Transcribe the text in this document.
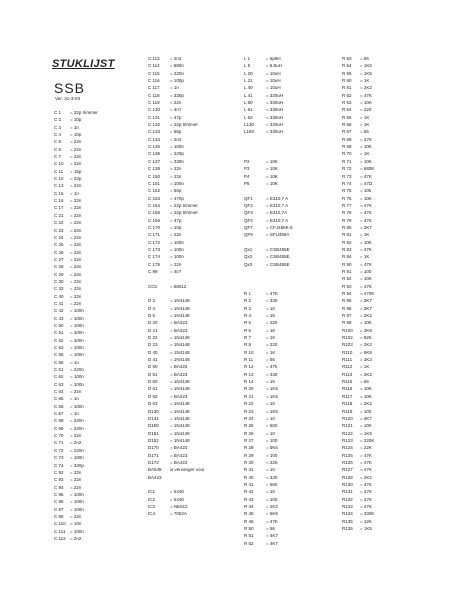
STUKLIJST
SSB
Ver. 31-3-03
C 1 = 22p trimmer
C 2 = 10p
C 3 = 1n
C 4 = 10p
C 5 = 22n
C 6 = 22n
C 7 = 22n
C 10 = 22n
C 11 = 15p
C 12 = 22p
C 13 = 22n
C 15 = 1n
C 16 = 22n
C 17 = 22n
C 21 = 22n
C 22 = 22n
C 23 = 22n
C 24 = 22n
C 25 = 22n
C 26 = 22n
C 27 = 22n
C 28 = 22n
C 29 = 22n
C 30 = 22n
C 33 = 22n
C 40 = 22n
C 41 = 22n
C 42 = 100n
C 43 = 100n
C 50 = 100n
C 51 = 100n
C 52 = 100n
C 53 = 100n
C 55 = 100n
C 56 = 1n
C 61 = 220n
C 62 = 100n
C 63 = 100n
C 64 = 22n
C 65 = 1n
C 66 = 100n
C 67 = 1n
C 68 = 220n
C 69 = 220n
C 70 = 22n
C 71 = 2n2
C 72 = 220n
C 73 = 100n
C 74 = 330p
C 92 = 22n
C 93 = 22n
C 94 = 22n
C 95 = 100n
C 96 = 100n
C 97 = 100n
C 98 = 22n
C 110 = 10n
C 111 = 100n
C 112 = 2n2
C 113 = 2n2
C 114 = 680n
C 115 = 220n
C 116 = 100p
C 117 = 1n
C 118 = 330p
C 119 = 22n
C 130 = 4n7
C 131 = 47p
C 132 = 22p trimmer
C 133 = 56p
C 134 = 2n2
C 135 = 100n
C 136 = 220p
C 137 = 330n
C 139 = 22n
C 150 = 22n
C 151 = 100n
C 152 = 56p
C 153 = 470p
C 154 = 22p trimmer
C 155 = 22p trimmer
C 156 = 47p
C 170 = 10p
C 171 = 22n
C 172 = 100n
C 173 = 100n
C 174 = 100n
C 175 = 22n
C 99	= 4n7
CO1	= 68012
D 3	= 1N4148
D 4	= 1N4148
D 5	= 1N4148
D 20	= BA423
D 21	= BA423
D 22	= 1N4148
D 23	= 1N4148
D 40	= 1N4148
D 41	= 1N4148
D 50	= BA423
D 51	= BA423
D 60	= 1N4148
D 61	= 1N4148
D 62	= BA423
D 63	= 1N4148
D130 = 1N4148
D131 = 1N4148
D150 = 1N4148
D151 = 1N4148
D152 = 1N4148
D170 = BA423
D171 = BA423
D172 = BA423
BA545 is vervanger voor
BA423
IC1	= 6440
IC2	= 6440
IC3	= NE612
IC4	= 7052A
L 1	= 6p8H
L 5	= 6,8uH
L 20	= 10uH
L 21	= 10uH
L 40	= 10uH
L 41	= 330uH
L 60	= 330uH
L 61	= 330uH
L 62	= 330uH
L130	= 330uH
L150	= 330uH
P2	= 10K
P3	= 10K
P4	= 10K
P5	= 10K
QF1	= E310,7 A
QF2	= E310,7 A
QF3	= E310,7A
QF4	= E310,7 A
QF7	= CFJ455K-5
QF9	= SFU455A
Qx1	= CSB455E
Qx2	= CSB455E
Qx3	= CSB455E
R 1	= 47K
R 2	= 330
R 3	= 10
R 4	= 1K
R 5	= 220
R 6	= 1K
R 7	= 1K
R 8	= 220
R 10	= 1K
R 11	= 56
R 12	= 47k
R 13	= 330
R 14	= 1K
R 20	= 1K5
R 21	= 1K5
R 22	= 10
R 23	= 1K5
R 24	= 10
R 25	= 560
R 26	= 10
R 27	= 100
R 28	= 5K6
R 29	= 100
R 30	= 22K
R 31	= 10
R 40	= 330
R 41	= 560
R 42	= 10
R 43	= 100
R 44	= 2K2
R 45	= 5K6
R 46	= 47K
R 50	= 56
R 51	= 4K7
R 52	= 4K7
R 53 = 56
R 54 = 1K5
R 55 = 1K5
R 60 = 1K
R 61 = 2K2
R 62 = 47K
R 63 = 10K
R 64 = 220
R 65 = 1K
R 66 = 1K
R 67 = 56
R 68 = 47K
R 69 = 10K
R 70 = 1K
R 71 = 10K
R 72 = 680K
R 73 = 47K
R 74 = 47Ω
R 75 = 10k
R 76 = 10K
R 77 = 47K
R 78 = 47K
R 79 = 47K
R 80 = 3K7
R 81 = 1K
R 82 = 10K
R 83 = 47K
R 84 = 1K
R 90 = 47K
R 91 = 100
R 92 = 10K
R 93 = 47K
R 94 = 470K
R 95 = 3K7
R 96 = 3K7
R 97 = 2K2
R 98 = 10K
R100 = 3K9
R102 = 82K
R103 = 2K2
R110 = 6K8
R111 = 3K3
R112 = 1K
R114 = 2K2
R115 = 56
R116 = 10K
R117 = 10K
R118 = 2K2
R119 = 100
R120 = 4K7
R121 = 10K
R122 = 1K5
R123 = 220K
R124 = 22K
R125 = 47K
R126 = 47K
R127 = 47K
R128 = 2K2
R130 = 47K
R131 = 47K
R132 = 47K
R133 = 47K
R134 = 330K
R135 = 12K
R136 = 1K5
